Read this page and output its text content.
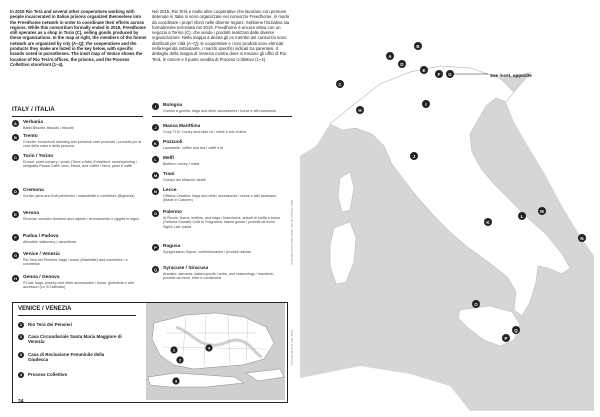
In 2015 Rio Terà and several other cooperatives working with people incarcerated in Italian prisons organized themselves into the Freedhome network in order to coordinate their efforts across regions. While this consortium formally ended in 2019, Freedhome still operates as a shop in Turin (C), selling goods produced by these organizations. In the map at right, the members of the former network are organized by city (A–Q); the cooperatives and the products they make are listed in the key below, with specific brands noted in parentheses. The inset map of Venice shows the location of Rio Terà's offices, the prisons, and the Process Collettivo storefront (1–4).
Nel 2015, Rio Terà e molte altre cooperative che lavorano con persone detenute in Italia si sono organizzate nel consorzio Freedhome, in modo da coordinare i propri sforzi nelle diverse regioni. Sebbene l'iniziativa sia formalmente terminata nel 2019, Freedhome è ancora attiva con un negozio a Torino (C), che vende i prodotti realizzati dalle diverse organizzazioni. Nella mappa a destra gli ex membri del consorzio sono distribuiti per città (A–Q); le cooperative e i loro prodotti sono elencati nella legenda sottostante, i marchi specifici indicati tra parentesi. Il dettaglio della mappa di Venezia mostra dove si trovano gli uffici di Rio Terà, le carceri e il punto vendita di Process Collettivo (1–4).
ITALY / ITALIA
A	Verbania
Band Biscotti: biscuits / biscotti
B	Trento
Chindet: household cleaning and personal care products / prodotti per la cura della casa e della persona
C	Turin / Torino
Ecosol: plant nursery / vivaio (Terre e Arte) Extraliberi: screenprinting / serigrafia Pausa Caffè: beer, bread, and coffee / birra, pane e caffè
D	Cremona
Sorrisi: jams and fruit preserves / marmellate e confetture (Bigiornia)
E	Verona
Reverse: wooden furniture and objects / arredamento e oggetti in legno
F	Padua / Padova
Altracittà: stationery / cancelleria
G	Venice / Venezia
Rio Terà dei Pensieri: bags / borse (Malefatte) and cosmetics / e cosmetica
H	Genoa / Genova
S'Cart: bags, jewelry and other accessories / borse, gioielleria e altri accessori (Lo S'Cattinato)
I	Bologna
Gomito a gomito: bags and other accessories / borse e altri accessori
J	Massa Marittima
Coop THC: honey and olive oil / miele e olio d'oliva
K	Pozzuoli
Lazzarelle: coffee and tea / caffè e tè
L	Melfi
Biofiore: honey / miele
M	Trani
Campo dei Miracoli: taralli
N	Lecce
Officina Creativa: bags and other accessories / borse e altri accessori (Made in Carcere)
O	Palermo
Al Revés: linens, textiles, and bags / biancheria, articoli di stoffa e borse (Sartoria Sociale) Cotti in Fragranza: baked goods / prodotti da forno Sigillo Lab: pasta
P	Ragusa
Sprigionlamo Sapori: confectionaries / prodotti dolciari
Q	Syracuse / Siracusa
Arcolaio: almonds, baked goods, herbs, and seasonings / mandorle, prodotti da forno, erbe e condimenti
Map: Annelys de Vet, Alissa Olsen and Valentina
Data: Rio Terà dei Pensieri
VENICE / VENEZIA
1	Rio Terà dei Pensieri
2	Casa Circondariale Santa Maria Maggiore di Venezia
3	Casa di Reclusione Femminile della Giudecca
4	Process Collettivo
1
2
3
4
24
A
B
C
D
E
F G
H
I
J
K
L
M
N
O
P
Q
See inset, opposite
